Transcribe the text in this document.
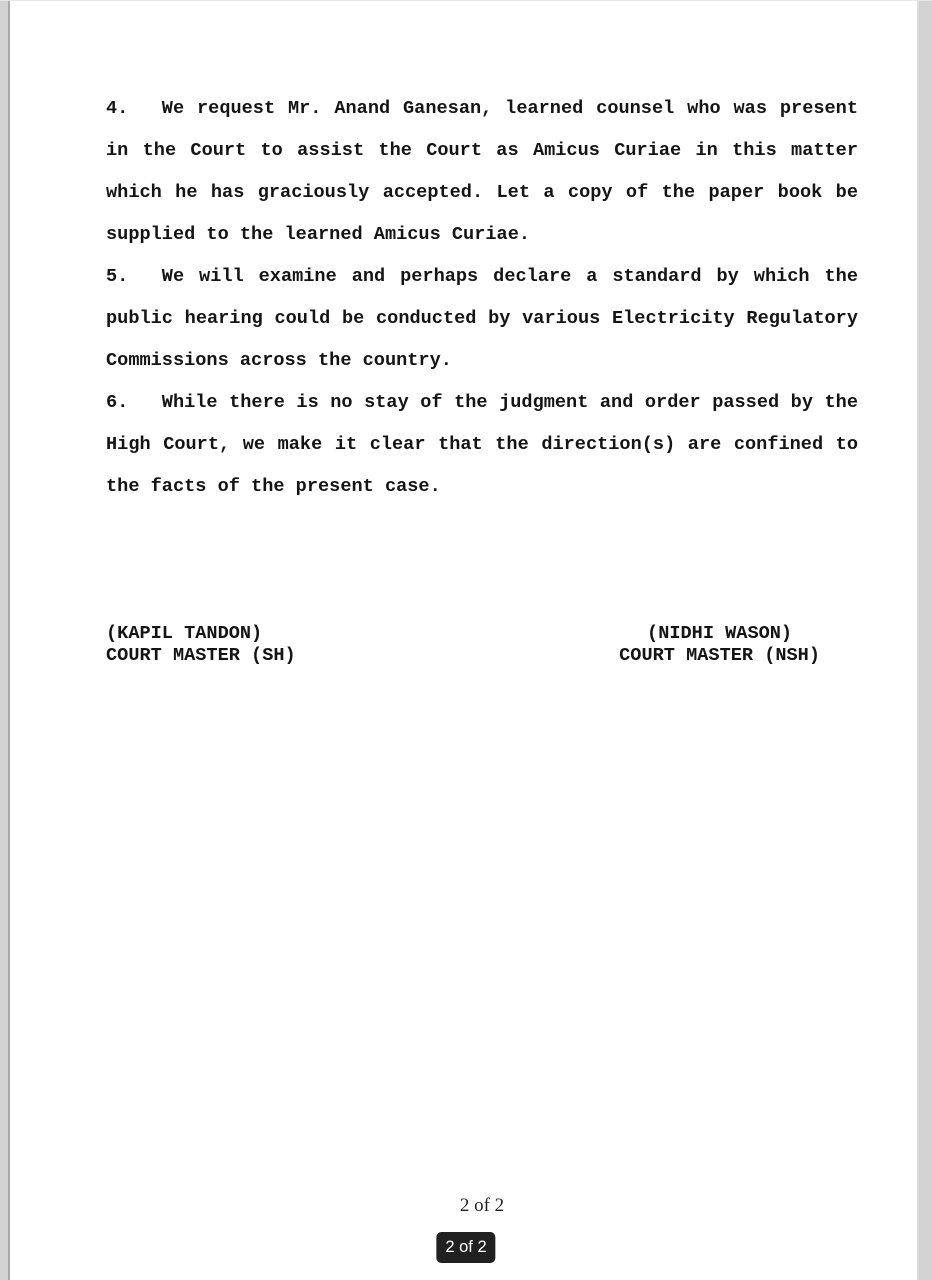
4. We request Mr. Anand Ganesan, learned counsel who was present in the Court to assist the Court as Amicus Curiae in this matter which he has graciously accepted. Let a copy of the paper book be supplied to the learned Amicus Curiae.

5. We will examine and perhaps declare a standard by which the public hearing could be conducted by various Electricity Regulatory Commissions across the country.

6. While there is no stay of the judgment and order passed by the High Court, we make it clear that the direction(s) are confined to the facts of the present case.

(KAPIL TANDON)
COURT MASTER (SH)
(NIDHI WASON)
COURT MASTER (NSH)
2 of 2
2 of 2
